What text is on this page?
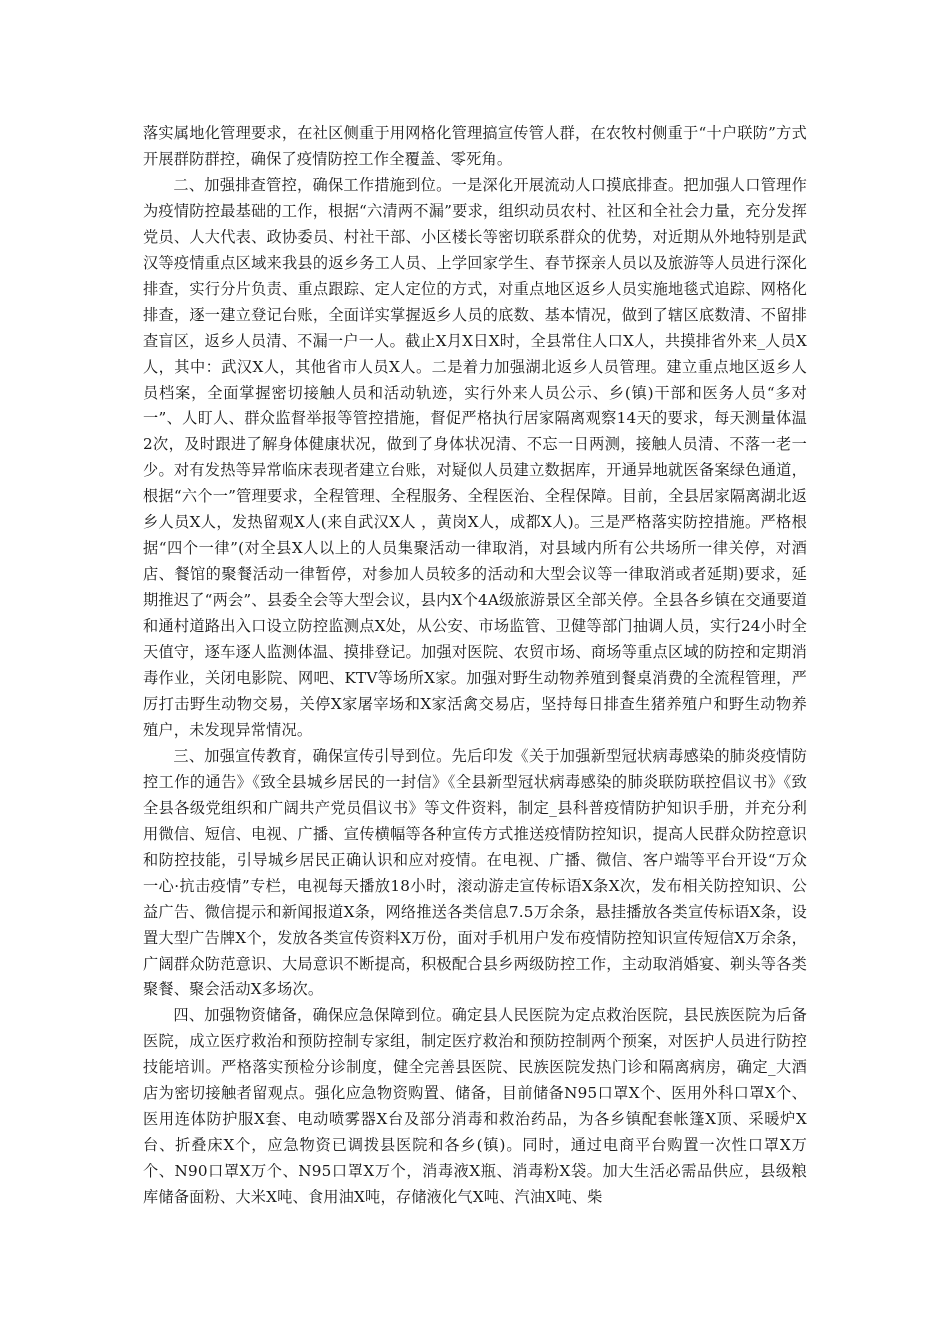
落实属地化管理要求，在社区侧重于用网格化管理搞宣传管人群，在农牧村侧重于“十户联防”方式开展群防群控，确保了疫情防控工作全覆盖、零死角。

二、加强排查管控，确保工作措施到位。一是深化开展流动人口摸底排查。把加强人口管理作为疫情防控最基础的工作，根据“六清两不漏”要求，组织动员农村、社区和全社会力量，充分发挥党员、人大代表、政协委员、村社干部、小区楼长等密切联系群众的优势，对近期从外地特别是武汉等疫情重点区域来我县的返乡务工人员、上学回家学生、春节探亲人员以及旅游等人员进行深化排查，实行分片负责、重点跟踪、定人定位的方式，对重点地区返乡人员实施地毯式追踪、网格化排查，逐一建立登记台账，全面详实掌握返乡人员的底数、基本情况，做到了辖区底数清、不留排查盲区，返乡人员清、不漏一户一人。截止X月X日X时，全县常住人口X人，共摸排省外来_人员X人，其中：武汉X人，其他省市人员X人。二是着力加强湖北返乡人员管理。建立重点地区返乡人员档案，全面掌握密切接触人员和活动轨迹，实行外来人员公示、乡(镇)干部和医务人员“多对一”、人盯人、群众监督举报等管控措施，督促严格执行居家隔离观察14天的要求，每天测量体温2次，及时跟进了解身体健康状况，做到了身体状况清、不忘一日两测，接触人员清、不落一老一少。对有发热等异常临床表现者建立台账，对疑似人员建立数据库，开通异地就医备案绿色通道，根据“六个一”管理要求，全程管理、全程服务、全程医治、全程保障。目前，全县居家隔离湖北返乡人员X人，发热留观X人(来自武汉X人 ，黄岗X人，成都X人)。三是严格落实防控措施。严格根据“四个一律”(对全县X人以上的人员集聚活动一律取消，对县域内所有公共场所一律关停，对酒店、餐馆的聚餐活动一律暂停，对参加人员较多的活动和大型会议等一律取消或者延期)要求，延期推迟了“两会”、县委全会等大型会议，县内X个4A级旅游景区全部关停。全县各乡镇在交通要道和通村道路出入口设立防控监测点X处，从公安、市场监管、卫健等部门抽调人员，实行24小时全天值守，逐车逐人监测体温、摸排登记。加强对医院、农贸市场、商场等重点区域的防控和定期消毒作业，关闭电影院、网吧、KTV等场所X家。加强对野生动物养殖到餐桌消费的全流程管理，严厉打击野生动物交易，关停X家屠宰场和X家活禽交易店，坚持每日排查生猪养殖户和野生动物养殖户，未发现异常情况。

三、加强宣传教育，确保宣传引导到位。先后印发《关于加强新型冠状病毒感染的肺炎疫情防控工作的通告》《致全县城乡居民的一封信》《全县新型冠状病毒感染的肺炎联防联控倡议书》《致全县各级党组织和广阔共产党员倡议书》等文件资料，制定_县科普疫情防护知识手册，并充分利用微信、短信、电视、广播、宣传横幅等各种宣传方式推送疫情防控知识，提高人民群众防控意识和防控技能，引导城乡居民正确认识和应对疫情。在电视、广播、微信、客户端等平台开设“万众一心·抗击疫情”专栏，电视每天播放18小时，滚动游走宣传标语X条X次，发布相关防控知识、公益广告、微信提示和新闻报道X条，网络推送各类信息7.5万余条，悬挂播放各类宣传标语X条，设置大型广告牌X个，发放各类宣传资料X万份，面对手机用户发布疫情防控知识宣传短信X万余条，广阔群众防范意识、大局意识不断提高，积极配合县乡两级防控工作，主动取消婚宴、剃头等各类聚餐、聚会活动X多场次。

四、加强物资储备，确保应急保障到位。确定县人民医院为定点救治医院，县民族医院为后备医院，成立医疗救治和预防控制专家组，制定医疗救治和预防控制两个预案，对医护人员进行防控技能培训。严格落实预检分诊制度，健全完善县医院、民族医院发热门诊和隔离病房，确定_大酒店为密切接触者留观点。强化应急物资购置、储备，目前储备N95口罩X个、医用外科口罩X个、医用连体防护服X套、电动喷雾器X台及部分消毒和救治药品，为各乡镇配套帐篷X顶、采暖炉X台、折叠床X个，应急物资已调拨县医院和各乡(镇)。同时，通过电商平台购置一次性口罩X万个、N90口罩X万个、N95口罩X万个，消毒液X瓶、消毒粉X袋。加大生活必需品供应，县级粮库储备面粉、大米X吨、食用油X吨，存储液化气X吨、汽油X吨、柴
